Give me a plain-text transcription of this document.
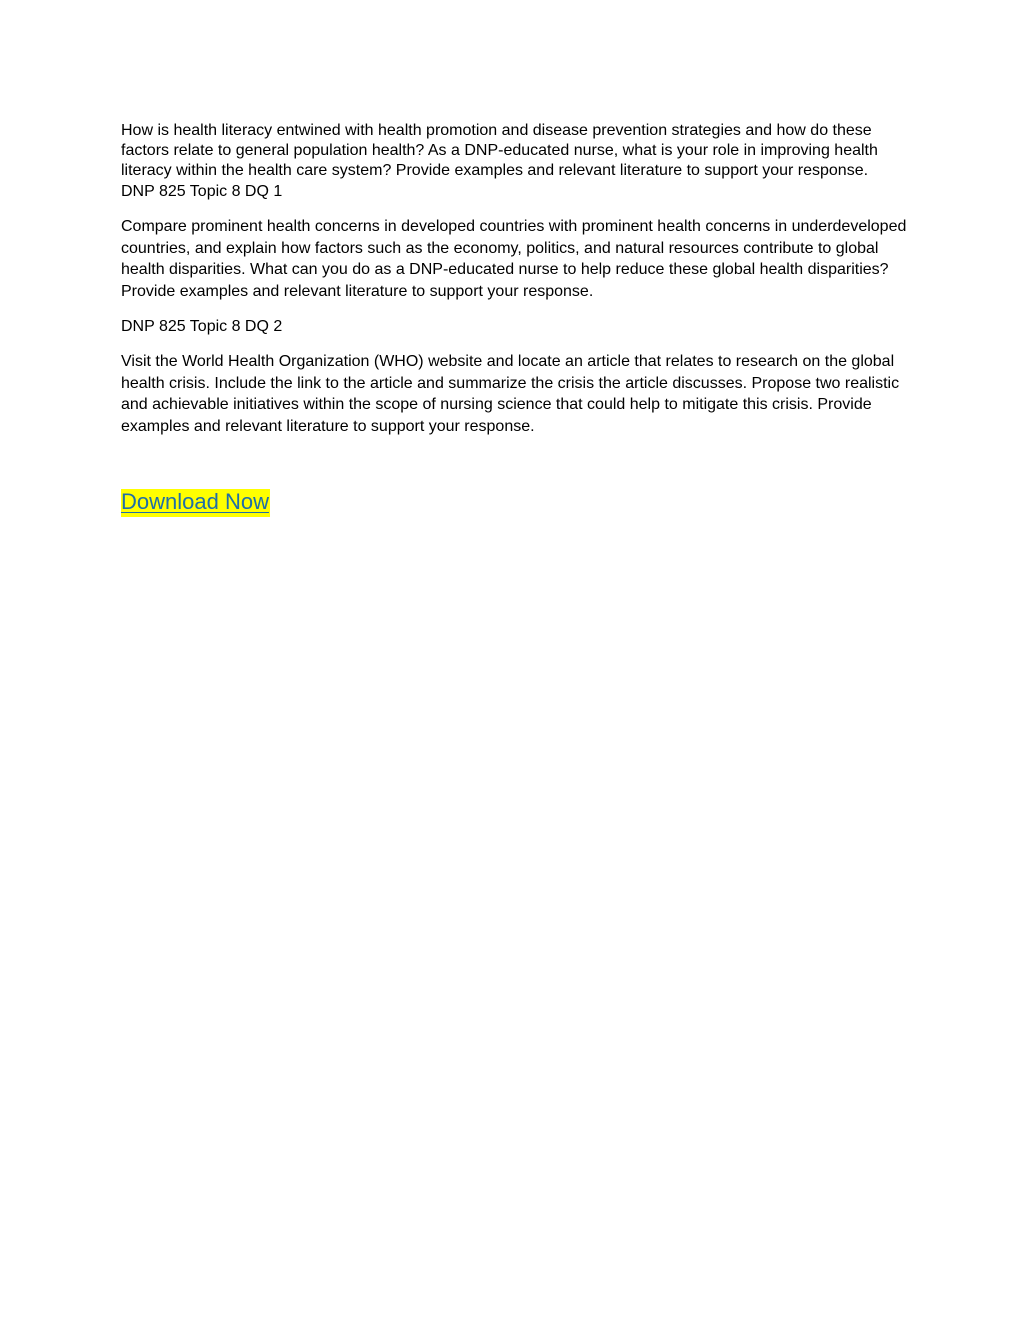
How is health literacy entwined with health promotion and disease prevention strategies and how do these factors relate to general population health? As a DNP-educated nurse, what is your role in improving health literacy within the health care system? Provide examples and relevant literature to support your response.

DNP 825 Topic 8 DQ 1

Compare prominent health concerns in developed countries with prominent health concerns in underdeveloped countries, and explain how factors such as the economy, politics, and natural resources contribute to global health disparities. What can you do as a DNP-educated nurse to help reduce these global health disparities? Provide examples and relevant literature to support your response.

DNP 825 Topic 8 DQ 2

Visit the World Health Organization (WHO) website and locate an article that relates to research on the global health crisis. Include the link to the article and summarize the crisis the article discusses. Propose two realistic and achievable initiatives within the scope of nursing science that could help to mitigate this crisis. Provide examples and relevant literature to support your response.

Download Now
